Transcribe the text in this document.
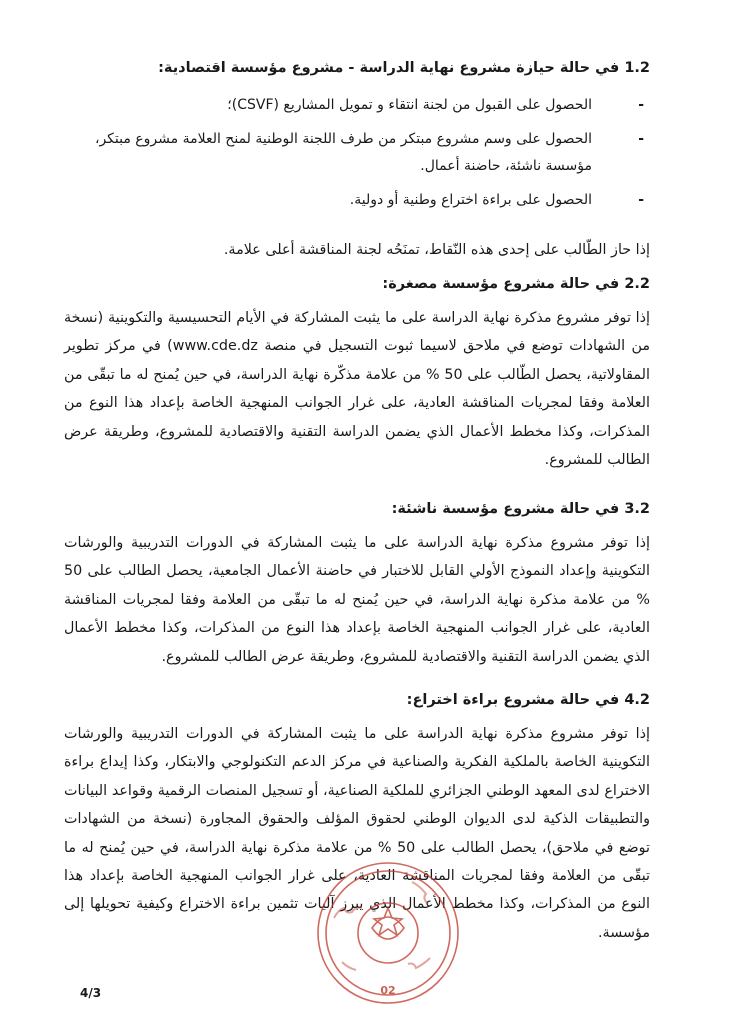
1.2 في حالة حيازة مشروع نهاية الدراسة - مشروع مؤسسة اقتصادية:
- الحصول على القبول من لجنة انتقاء و تمويل المشاريع (CSVF)؛
- الحصول على وسم مشروع مبتكر من طرف اللجنة الوطنية لمنح العلامة مشروع مبتكر، مؤسسة ناشئة، حاضنة أعمال.
- الحصول على براءة اختراع وطنية أو دولية.

إذا حاز الطّالب على إحدى هذه النّقاط، تمنَحُه لجنة المناقشة أعلى علامة.

2.2 في حالة مشروع مؤسسة مصغرة:

إذا توفر مشروع مذكرة نهاية الدراسة على ما يثبت المشاركة في الأيام التحسيسية والتكوينية (نسخة من الشهادات توضع في ملاحق لاسيما ثبوت التسجيل في منصة www.cde.dz) في مركز تطوير المقاولاتية، يحصل الطّالب على 50 % من علامة مذكّرة نهاية الدراسة، في حين يُمنح له ما تبقّى من العلامة وفقا لمجريات المناقشة العادية، على غرار الجوانب المنهجية الخاصة بإعداد هذا النوع من المذكرات، وكذا مخطط الأعمال الذي يضمن الدراسة التقنية والاقتصادية للمشروع، وطريقة عرض الطالب للمشروع.

3.2 في حالة مشروع مؤسسة ناشئة:

إذا توفر مشروع مذكرة نهاية الدراسة على ما يثبت المشاركة في الدورات التدريبية والورشات التكوينية وإعداد النموذج الأولي القابل للاختبار في حاضنة الأعمال الجامعية، يحصل الطالب على 50 % من علامة مذكرة نهاية الدراسة، في حين يُمنح له ما تبقّى من العلامة وفقا لمجريات المناقشة العادية، على غرار الجوانب المنهجية الخاصة بإعداد هذا النوع من المذكرات، وكذا مخطط الأعمال الذي يضمن الدراسة التقنية والاقتصادية للمشروع، وطريقة عرض الطالب للمشروع.

4.2 في حالة مشروع براءة اختراع:

إذا توفر مشروع مذكرة نهاية الدراسة على ما يثبت المشاركة في الدورات التدريبية والورشات التكوينية الخاصة بالملكية الفكرية والصناعية في مركز الدعم التكنولوجي والابتكار، وكذا إيداع براءة الاختراع لدى المعهد الوطني الجزائري للملكية الصناعية، أو تسجيل المنصات الرقمية وقواعد البيانات والتطبيقات الذكية لدى الديوان الوطني لحقوق المؤلف والحقوق المجاورة (نسخة من الشهادات توضع في ملاحق)، يحصل الطالب على 50 % من علامة مذكرة نهاية الدراسة، في حين يُمنح له ما تبقّى من العلامة وفقا لمجريات المناقشة العادية، على غرار الجوانب المنهجية الخاصة بإعداد هذا النوع من المذكرات، وكذا مخطط الأعمال الذي يبرز آليات تثمين براءة الاختراع وكيفية تحويلها إلى مؤسسة.

02
4/3
